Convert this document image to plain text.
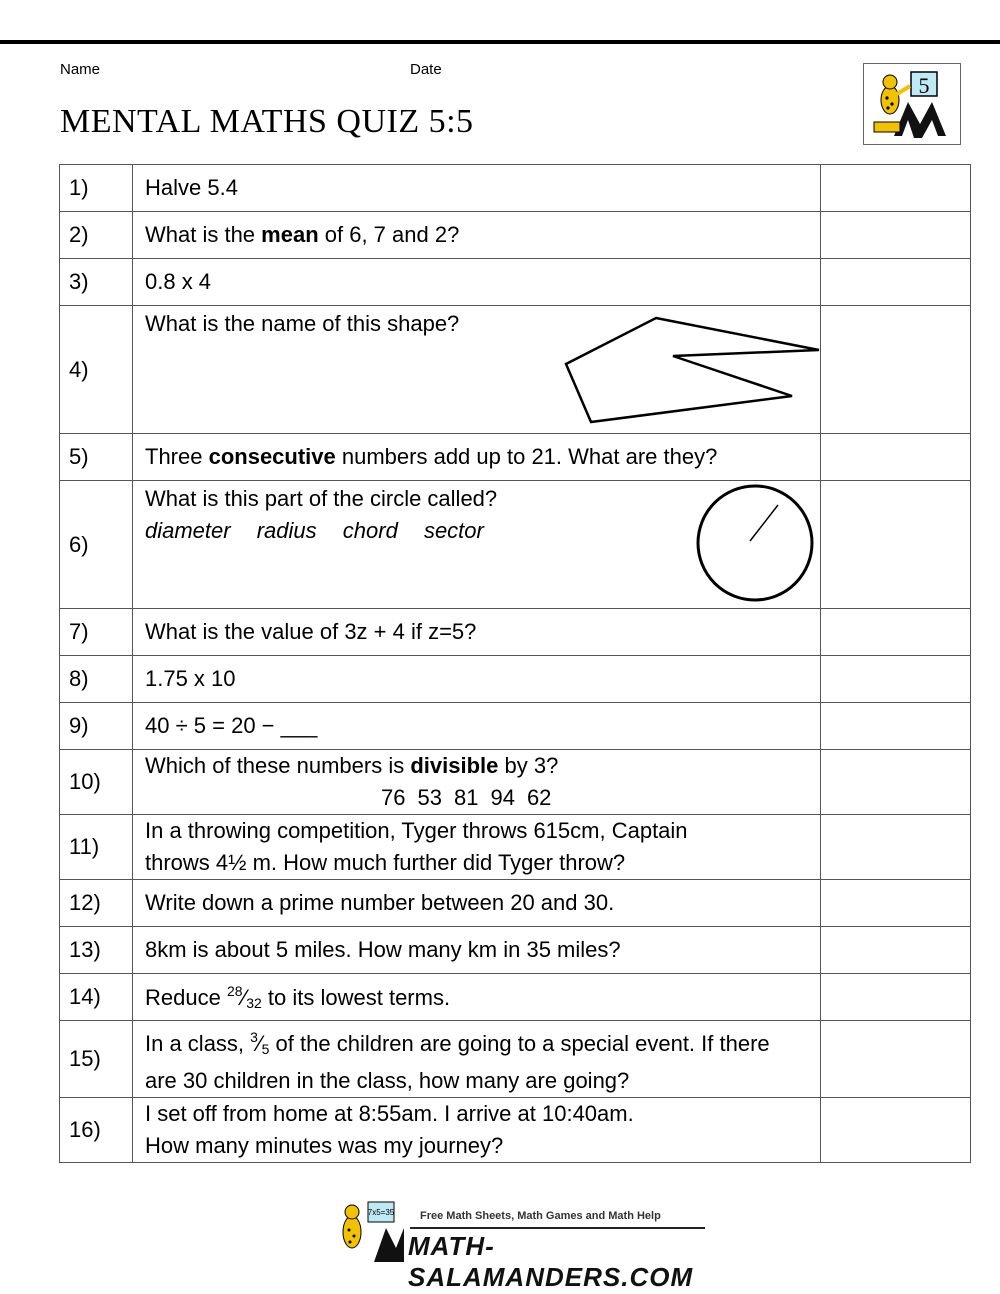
Name	Date
MENTAL MATHS QUIZ 5:5
5
1)	Halve 5.4	
2)	What is the mean of 6, 7 and 2?	
3)	0.8 x 4	
4)	What is the name of this shape?	

5)	Three consecutive numbers add up to 21. What are they?	
6)	What is this part of the circle called?
diameter radius chord sector	

7)	What is the value of 3z + 4 if z=5?	
8)	1.75 x 10	
9)	40 ÷ 5 = 20 − ___	
10)	Which of these numbers is divisible by 3?
76 53 81 94 62	

11)	In a throwing competition, Tyger throws 615cm, Captain
throws 4½ m. How much further did Tyger throw?	

12)	Write down a prime number between 20 and 30.	
13)	8km is about 5 miles. How many km in 35 miles?	
14)	Reduce $^{28}⁄_{32}$ to its lowest terms.	
15)	In a class, $^3⁄_5$ of the children are going to a special event. If there
are 30 children in the class, how many are going?	

16)	I set off from home at 8:55am. I arrive at 10:40am.
How many minutes was my journey?	

7x5=35 Free Math Sheets, Math Games and Math Help
MATH-SALAMANDERS.COM
